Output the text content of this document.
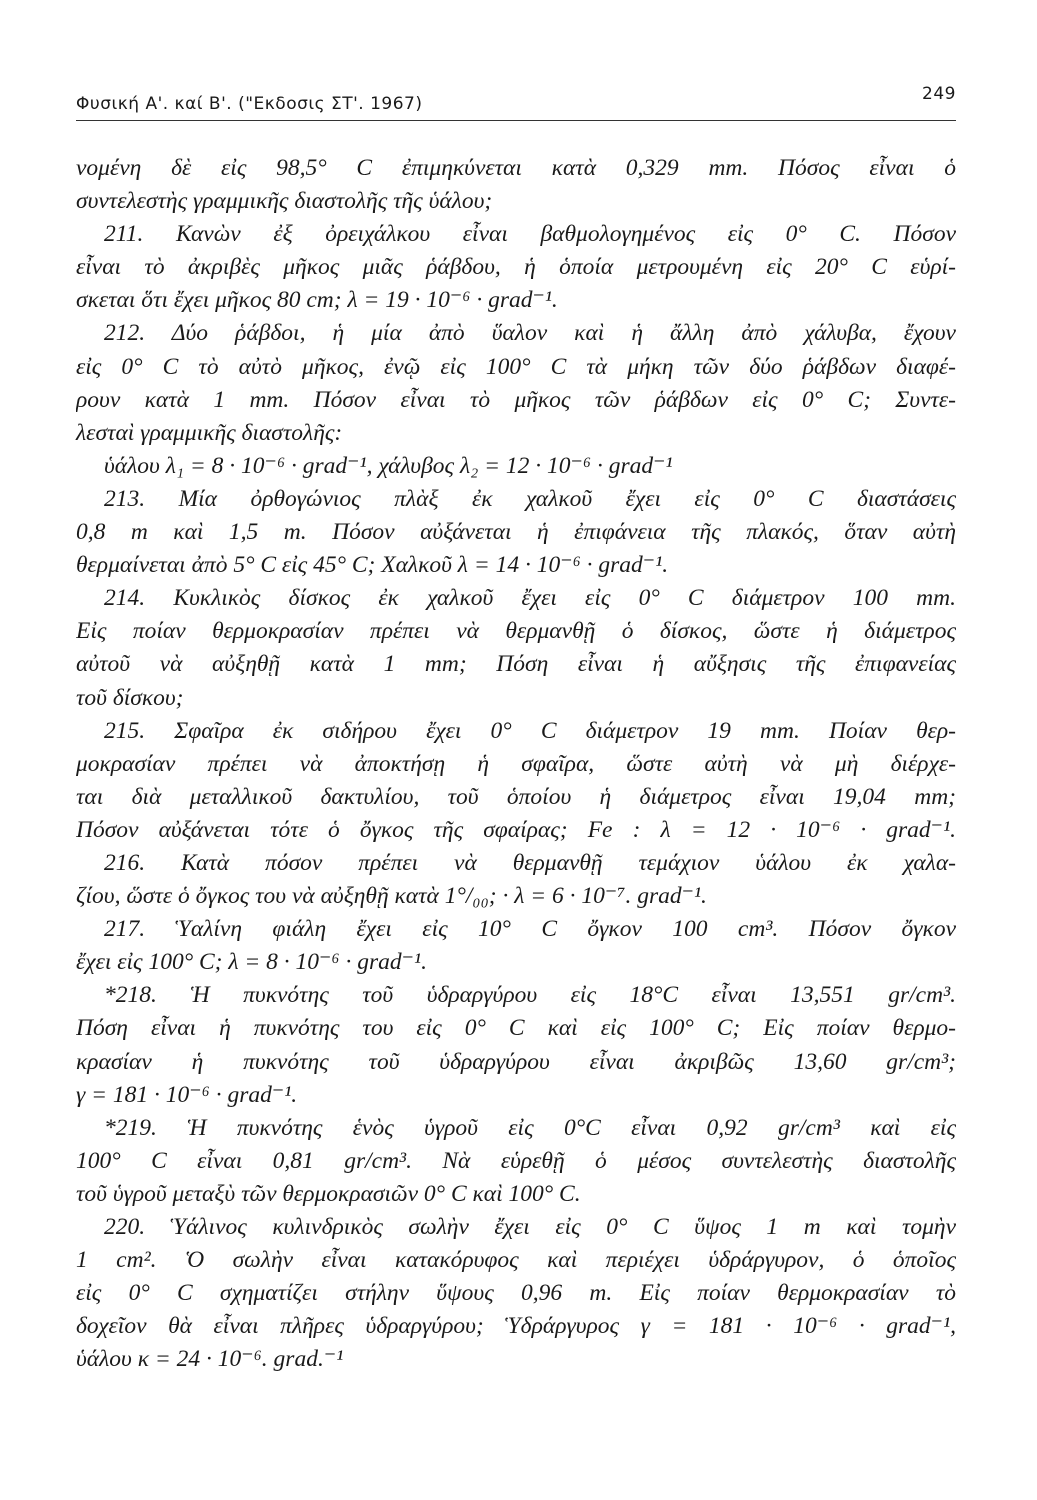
Φυσική Α'. καί Β'. ("Εκδοσις ΣΤ'. 1967)	249
νομένη δὲ εἰς 98,5° C ἐπιμηκύνεται κατὰ 0,329 mm. Πόσος εἶναι ὁ
συντελεστὴς γραμμικῆς διαστολῆς τῆς ὑάλου;
211. Κανὼν ἐξ ὀρειχάλκου εἶναι βαθμολογημένος εἰς 0° C. Πόσον
εἶναι τὸ ἀκριβὲς μῆκος μιᾶς ῥάβδου, ἡ ὁποία μετρουμένη εἰς 20° C εὑρί-
σκεται ὅτι ἔχει μῆκος 80 cm; λ = 19 · 10⁻⁶ · grad⁻¹.
212. Δύο ῥάβδοι, ἡ μία ἀπὸ ὕαλον καὶ ἡ ἄλλη ἀπὸ χάλυβα, ἔχουν
εἰς 0° C τὸ αὐτὸ μῆκος, ἐνῷ εἰς 100° C τὰ μήκη τῶν δύο ῥάβδων διαφέ-
ρουν κατὰ 1 mm. Πόσον εἶναι τὸ μῆκος τῶν ῥάβδων εἰς 0° C; Συντε-
λεσταὶ γραμμικῆς διαστολῆς:
ὑάλου λ₁ = 8 · 10⁻⁶ · grad⁻¹, χάλυβος λ₂ = 12 · 10⁻⁶ · grad⁻¹
213. Μία ὀρθογώνιος πλὰξ ἐκ χαλκοῦ ἔχει εἰς 0° C διαστάσεις
0,8 m καὶ 1,5 m. Πόσον αὐξάνεται ἡ ἐπιφάνεια τῆς πλακός, ὅταν αὐτὴ
θερμαίνεται ἀπὸ 5° C εἰς 45° C; Χαλκοῦ λ = 14 · 10⁻⁶ · grad⁻¹.
214. Κυκλικὸς δίσκος ἐκ χαλκοῦ ἔχει εἰς 0° C διάμετρον 100 mm.
Εἰς ποίαν θερμοκρασίαν πρέπει νὰ θερμανθῇ ὁ δίσκος, ὥστε ἡ διάμετρος
αὐτοῦ νὰ αὐξηθῇ κατὰ 1 mm; Πόση εἶναι ἡ αὔξησις τῆς ἐπιφανείας
τοῦ δίσκου;
215. Σφαῖρα ἐκ σιδήρου ἔχει 0° C διάμετρον 19 mm. Ποίαν θερ-
μοκρασίαν πρέπει νὰ ἀποκτήσῃ ἡ σφαῖρα, ὥστε αὐτὴ νὰ μὴ διέρχε-
ται διὰ μεταλλικοῦ δακτυλίου, τοῦ ὁποίου ἡ διάμετρος εἶναι 19,04 mm;
Πόσον αὐξάνεται τότε ὁ ὄγκος τῆς σφαίρας; Fe : λ = 12 · 10⁻⁶ · grad⁻¹.
216. Κατὰ πόσον πρέπει νὰ θερμανθῇ τεμάχιον ὑάλου ἐκ χαλα-
ζίου, ὥστε ὁ ὄγκος του νὰ αὐξηθῇ κατὰ 1°/₀₀; · λ = 6 · 10⁻⁷. grad⁻¹.
217. Ὑαλίνη φιάλη ἔχει εἰς 10° C ὄγκον 100 cm³. Πόσον ὄγκον
ἔχει εἰς 100° C; λ = 8 · 10⁻⁶ · grad⁻¹.
*218. Ἡ πυκνότης τοῦ ὑδραργύρου εἰς 18°C εἶναι 13,551 gr/cm³.
Πόση εἶναι ἡ πυκνότης του εἰς 0° C καὶ εἰς 100° C; Εἰς ποίαν θερμο-
κρασίαν ἡ πυκνότης τοῦ ὑδραργύρου εἶναι ἀκριβῶς 13,60 gr/cm³;
γ = 181 · 10⁻⁶ · grad⁻¹.
*219. Ἡ πυκνότης ἑνὸς ὑγροῦ εἰς 0°C εἶναι 0,92 gr/cm³ καὶ εἰς
100° C εἶναι 0,81 gr/cm³. Νὰ εὑρεθῇ ὁ μέσος συντελεστὴς διαστολῆς
τοῦ ὑγροῦ μεταξὺ τῶν θερμοκρασιῶν 0° C καὶ 100° C.
220. Ὑάλινος κυλινδρικὸς σωλὴν ἔχει εἰς 0° C ὕψος 1 m καὶ τομὴν
1 cm². Ὁ σωλὴν εἶναι κατακόρυφος καὶ περιέχει ὑδράργυρον, ὁ ὁποῖος
εἰς 0° C σχηματίζει στήλην ὕψους 0,96 m. Εἰς ποίαν θερμοκρασίαν τὸ
δοχεῖον θὰ εἶναι πλῆρες ὑδραργύρου; Ὑδράργυρος γ = 181 · 10⁻⁶ · grad⁻¹,
ὑάλου κ = 24 · 10⁻⁶. grad.⁻¹
